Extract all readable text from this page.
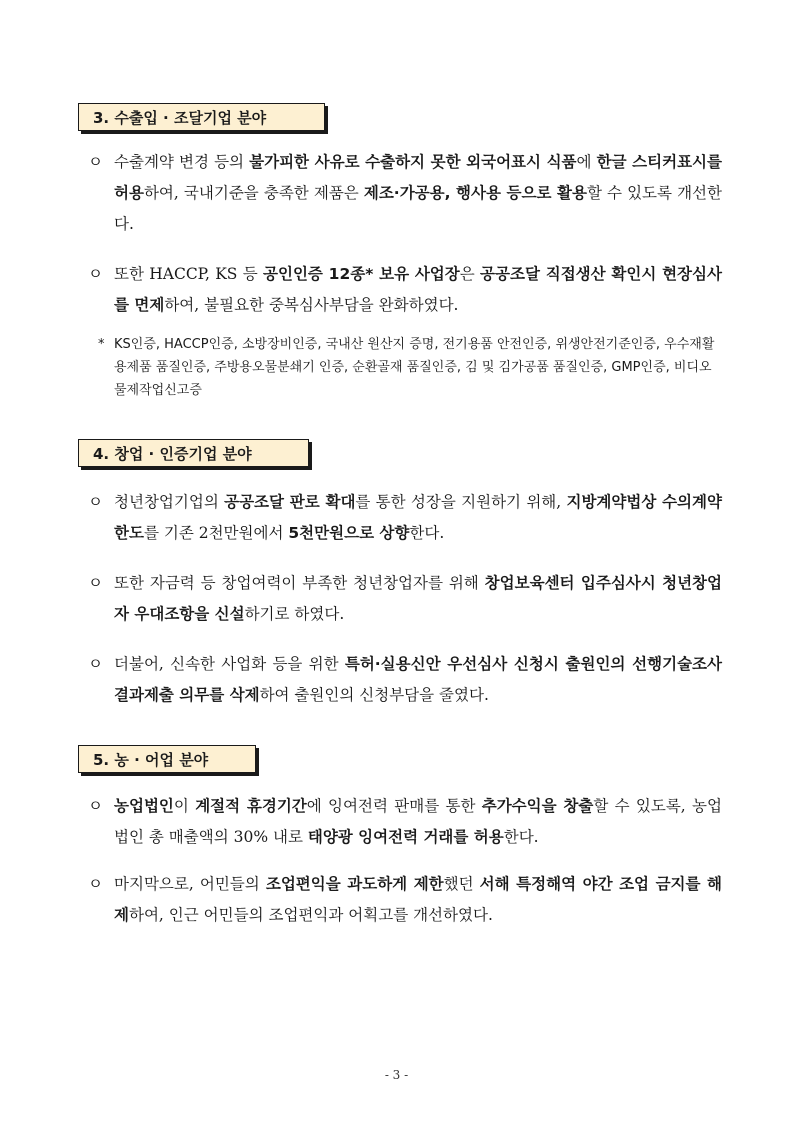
3. 수출입 · 조달기업 분야
ㅇ 수출계약 변경 등의 불가피한 사유로 수출하지 못한 외국어표시 식품에 한글 스티커표시를 허용하여, 국내기준을 충족한 제품은 제조·가공용, 행사용 등으로 활용할 수 있도록 개선한다.
ㅇ 또한 HACCP, KS 등 공인인증 12종* 보유 사업장은 공공조달 직접생산 확인시 현장심사를 면제하여, 불필요한 중복심사부담을 완화하였다.
* KS인증, HACCP인증, 소방장비인증, 국내산 원산지 증명, 전기용품 안전인증, 위생안전기준인증, 우수재활용제품 품질인증, 주방용오물분쇄기 인증, 순환골재 품질인증, 김 및 김가공품 품질인증, GMP인증, 비디오물제작업신고증
4. 창업 · 인증기업 분야
ㅇ 청년창업기업의 공공조달 판로 확대를 통한 성장을 지원하기 위해, 지방계약법상 수의계약 한도를 기존 2천만원에서 5천만원으로 상향한다.
ㅇ 또한 자금력 등 창업여력이 부족한 청년창업자를 위해 창업보육센터 입주심사시 청년창업자 우대조항을 신설하기로 하였다.
ㅇ 더불어, 신속한 사업화 등을 위한 특허·실용신안 우선심사 신청시 출원인의 선행기술조사 결과제출 의무를 삭제하여 출원인의 신청부담을 줄였다.
5. 농 · 어업 분야
ㅇ 농업법인이 계절적 휴경기간에 잉여전력 판매를 통한 추가수익을 창출할 수 있도록, 농업법인 총 매출액의 30% 내로 태양광 잉여전력 거래를 허용한다.
ㅇ 마지막으로, 어민들의 조업편익을 과도하게 제한했던 서해 특정해역 야간 조업 금지를 해제하여, 인근 어민들의 조업편익과 어획고를 개선하였다.
- 3 -
